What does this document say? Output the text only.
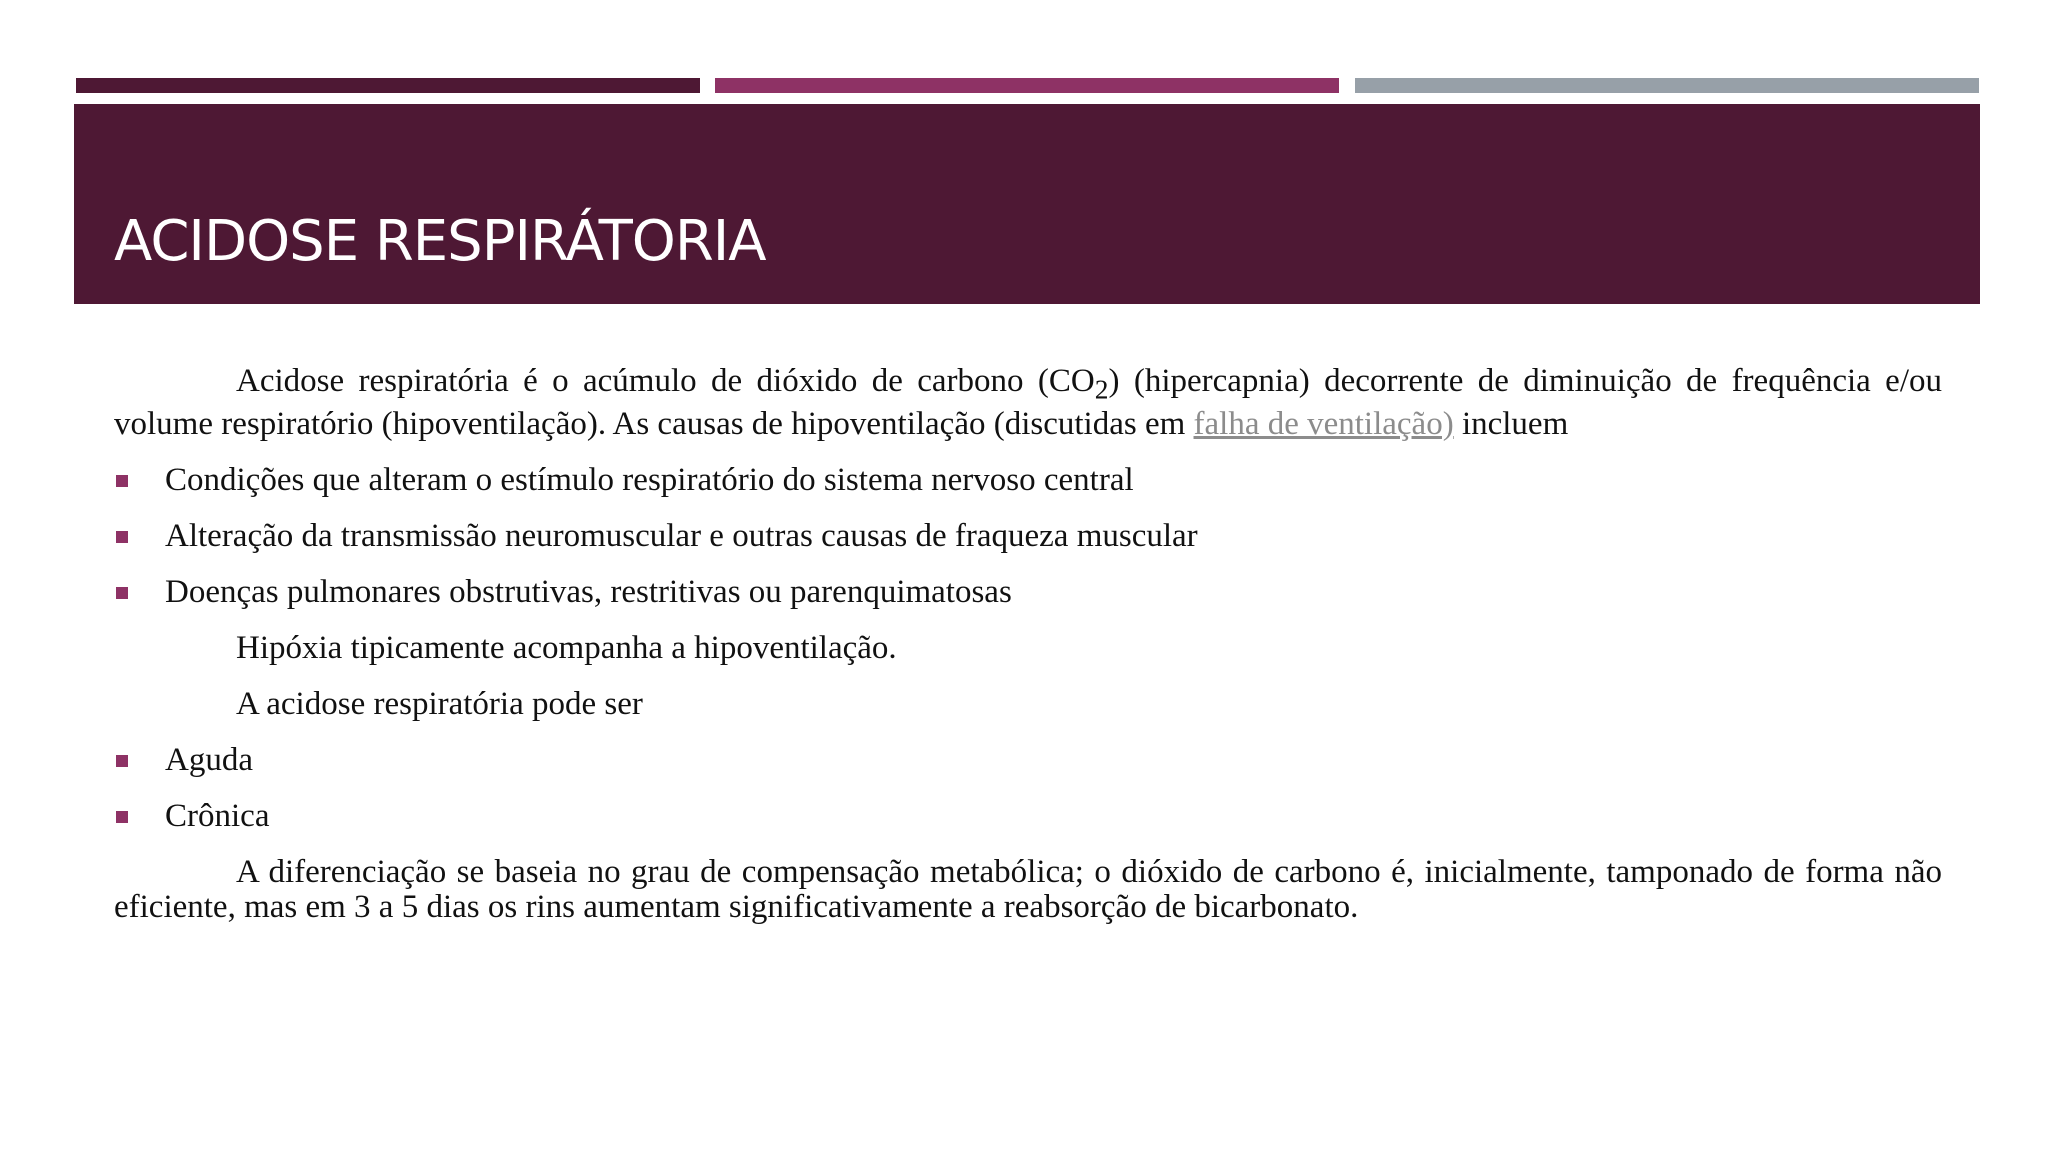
ACIDOSE RESPIRÁTORIA

Acidose respiratória é o acúmulo de dióxido de carbono $(CO_2)$ (hipercapnia) decorrente de diminuição de frequência e/ou volume respiratório (hipoventilação). As causas de hipoventilação (discutidas em falha de ventilação) incluem

Condições que alteram o estímulo respiratório do sistema nervoso central
Alteração da transmissão neuromuscular e outras causas de fraqueza muscular
Doenças pulmonares obstrutivas, restritivas ou parenquimatosas

Hipóxia tipicamente acompanha a hipoventilação.

A acidose respiratória pode ser

Aguda
Crônica

A diferenciação se baseia no grau de compensação metabólica; o dióxido de carbono é, inicialmente, tamponado de forma não eficiente, mas em 3 a 5 dias os rins aumentam significativamente a reabsorção de bicarbonato.
